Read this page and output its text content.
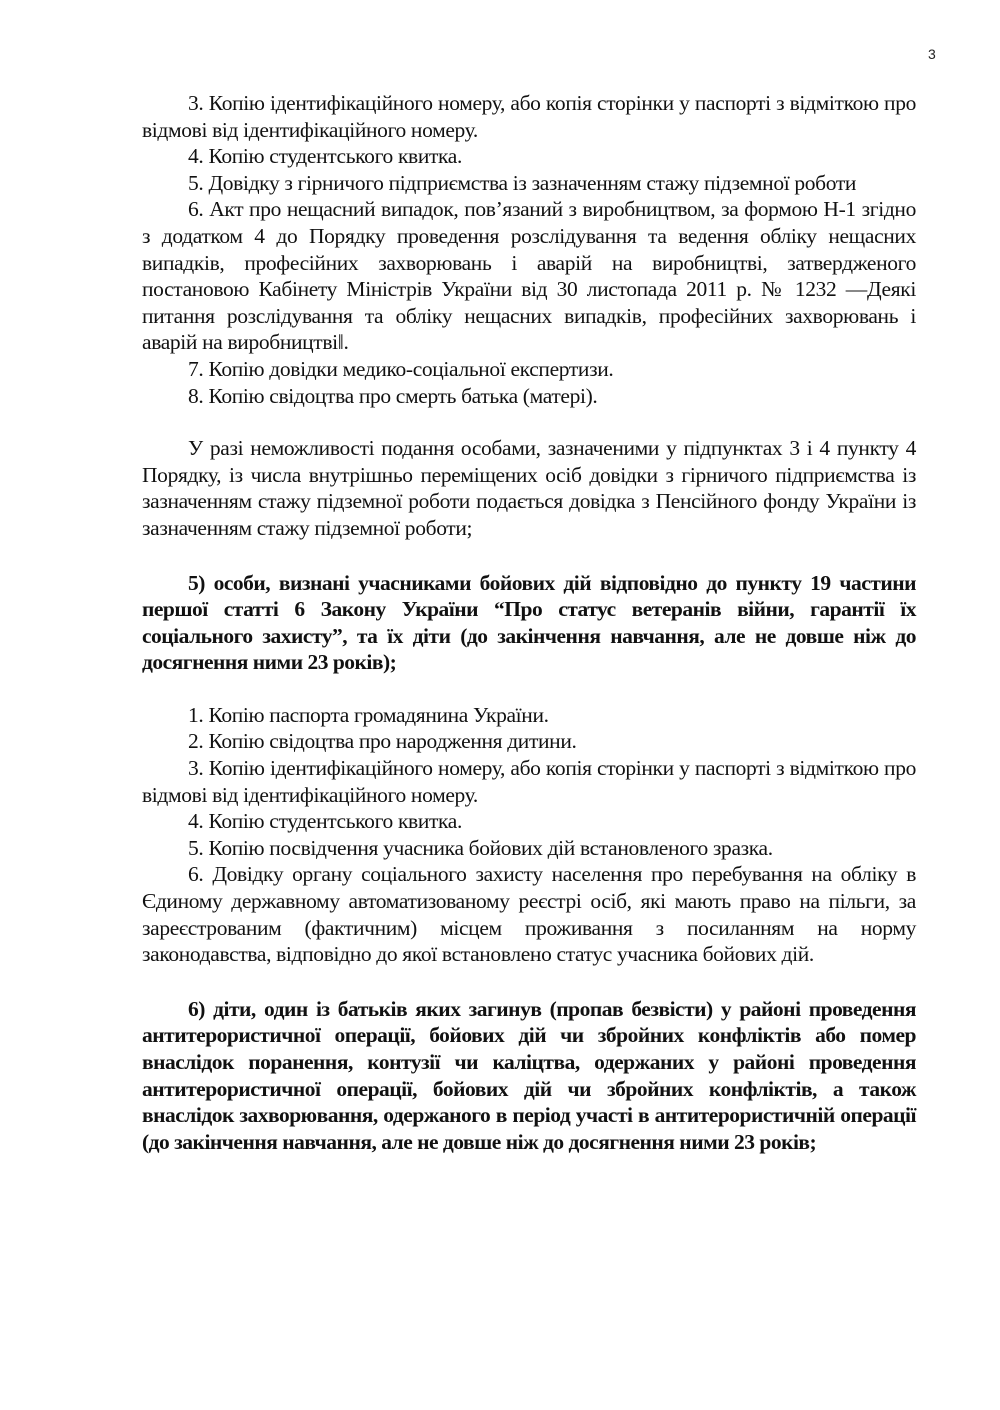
3

3. Копію ідентифікаційного номеру, або копія сторінки у паспорті з відміткою про відмові від ідентифікаційного номеру.

4. Копію студентського квитка.

5. Довідку з гірничого підприємства із зазначенням стажу підземної роботи

6. Акт про нещасний випадок, пов’язаний з виробництвом, за формою Н-1 згідно з додатком 4 до Порядку проведення розслідування та ведення обліку нещасних випадків, професійних захворювань і аварій на виробництві, затвердженого постановою Кабінету Міністрів України від 30 листопада 2011 р. № 1232 ―Деякі питання розслідування та обліку нещасних випадків, професійних захворювань і аварій на виробництвіǁ.

7. Копію довідки медико-соціальної експертизи.

8. Копію свідоцтва про смерть батька (матері).

У разі неможливості подання особами, зазначеними у підпунктах 3 і 4 пункту 4 Порядку, із числа внутрішньо переміщених осіб довідки з гірничого підприємства із зазначенням стажу підземної роботи подається довідка з Пенсійного фонду України із зазначенням стажу підземної роботи;

5) особи, визнані учасниками бойових дій відповідно до пункту 19 частини першої статті 6 Закону України “Про статус ветеранів війни, гарантії їх соціального захисту”, та їх діти (до закінчення навчання, але не довше ніж до досягнення ними 23 років);

1. Копію паспорта громадянина України.

2. Копію свідоцтва про народження дитини.

3. Копію ідентифікаційного номеру, або копія сторінки у паспорті з відміткою про відмові від ідентифікаційного номеру.

4. Копію студентського квитка.

5. Копію посвідчення учасника бойових дій встановленого зразка.

6. Довідку органу соціального захисту населення про перебування на обліку в Єдиному державному автоматизованому реєстрі осіб, які мають право на пільги, за зареєстрованим (фактичним) місцем проживання з посиланням на норму законодавства, відповідно до якої встановлено статус учасника бойових дій.

6) діти, один із батьків яких загинув (пропав безвісти) у районі проведення антитерористичної операції, бойових дій чи збройних конфліктів або помер внаслідок поранення, контузії чи каліцтва, одержаних у районі проведення антитерористичної операції, бойових дій чи збройних конфліктів, а також внаслідок захворювання, одержаного в період участі в антитерористичній операції (до закінчення навчання, але не довше ніж до досягнення ними 23 років;
